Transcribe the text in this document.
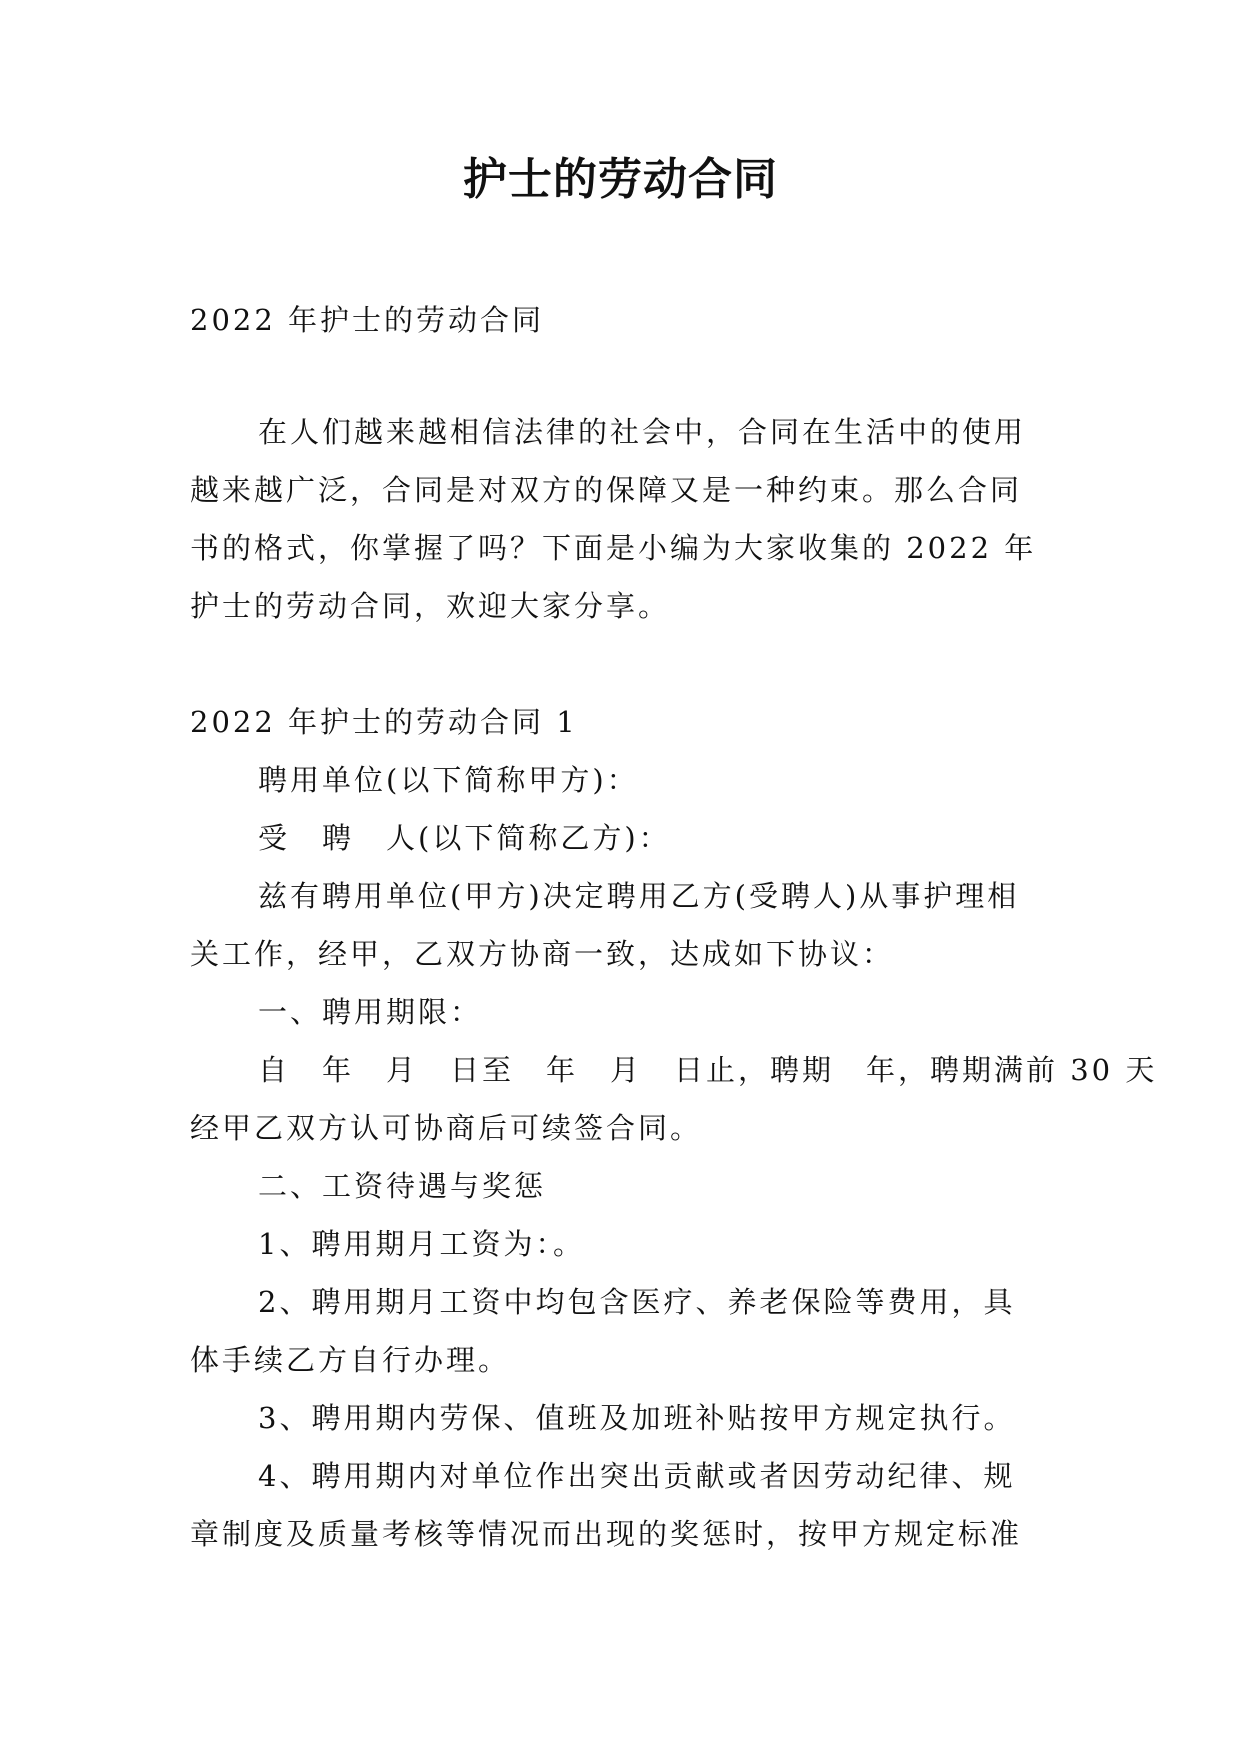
护士的劳动合同
2022 年护士的劳动合同
在人们越来越相信法律的社会中，合同在生活中的使用
越来越广泛，合同是对双方的保障又是一种约束。那么合同
书的格式，你掌握了吗？下面是小编为大家收集的 2022 年
护士的劳动合同，欢迎大家分享。
2022 年护士的劳动合同 1
聘用单位(以下简称甲方)：
受　聘　人(以下简称乙方)：
兹有聘用单位(甲方)决定聘用乙方(受聘人)从事护理相
关工作，经甲，乙双方协商一致，达成如下协议：
一、聘用期限：
自　年　月　日至　年　月　日止，聘期　年，聘期满前 30 天
经甲乙双方认可协商后可续签合同。
二、工资待遇与奖惩
1、聘用期月工资为：。
2、聘用期月工资中均包含医疗、养老保险等费用，具
体手续乙方自行办理。
3、聘用期内劳保、值班及加班补贴按甲方规定执行。
4、聘用期内对单位作出突出贡献或者因劳动纪律、规
章制度及质量考核等情况而出现的奖惩时，按甲方规定标准
